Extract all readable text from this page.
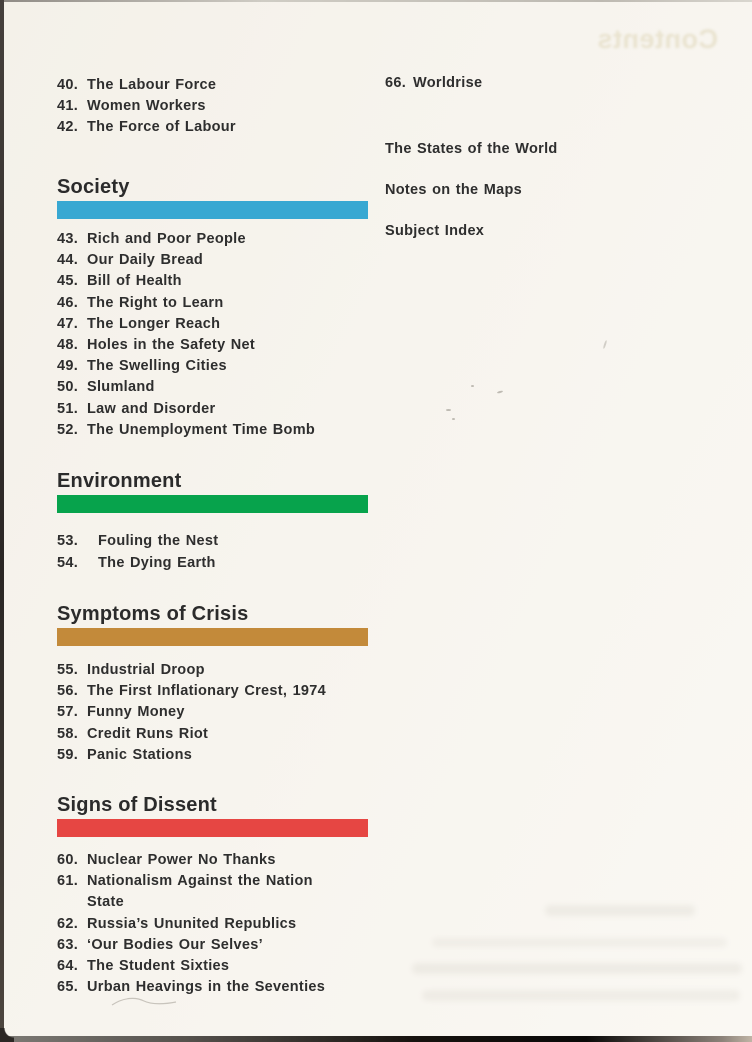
Contents
40. The Labour Force
41. Women Workers
42. The Force of Labour
Society
43. Rich and Poor People
44. Our Daily Bread
45. Bill of Health
46. The Right to Learn
47. The Longer Reach
48. Holes in the Safety Net
49. The Swelling Cities
50. Slumland
51. Law and Disorder
52. The Unemployment Time Bomb
Environment
53.	Fouling the Nest
54.	The Dying Earth
Symptoms of Crisis
55. Industrial Droop
56. The First Inflationary Crest, 1974
57. Funny Money
58. Credit Runs Riot
59. Panic Stations
Signs of Dissent
60. Nuclear Power No Thanks
61. Nationalism Against the Nation
State
62. Russia’s Ununited Republics
63. ‘Our Bodies Our Selves’
64. The Student Sixties
65. Urban Heavings in the Seventies
66. Worldrise
The States of the World
Notes on the Maps
Subject Index
